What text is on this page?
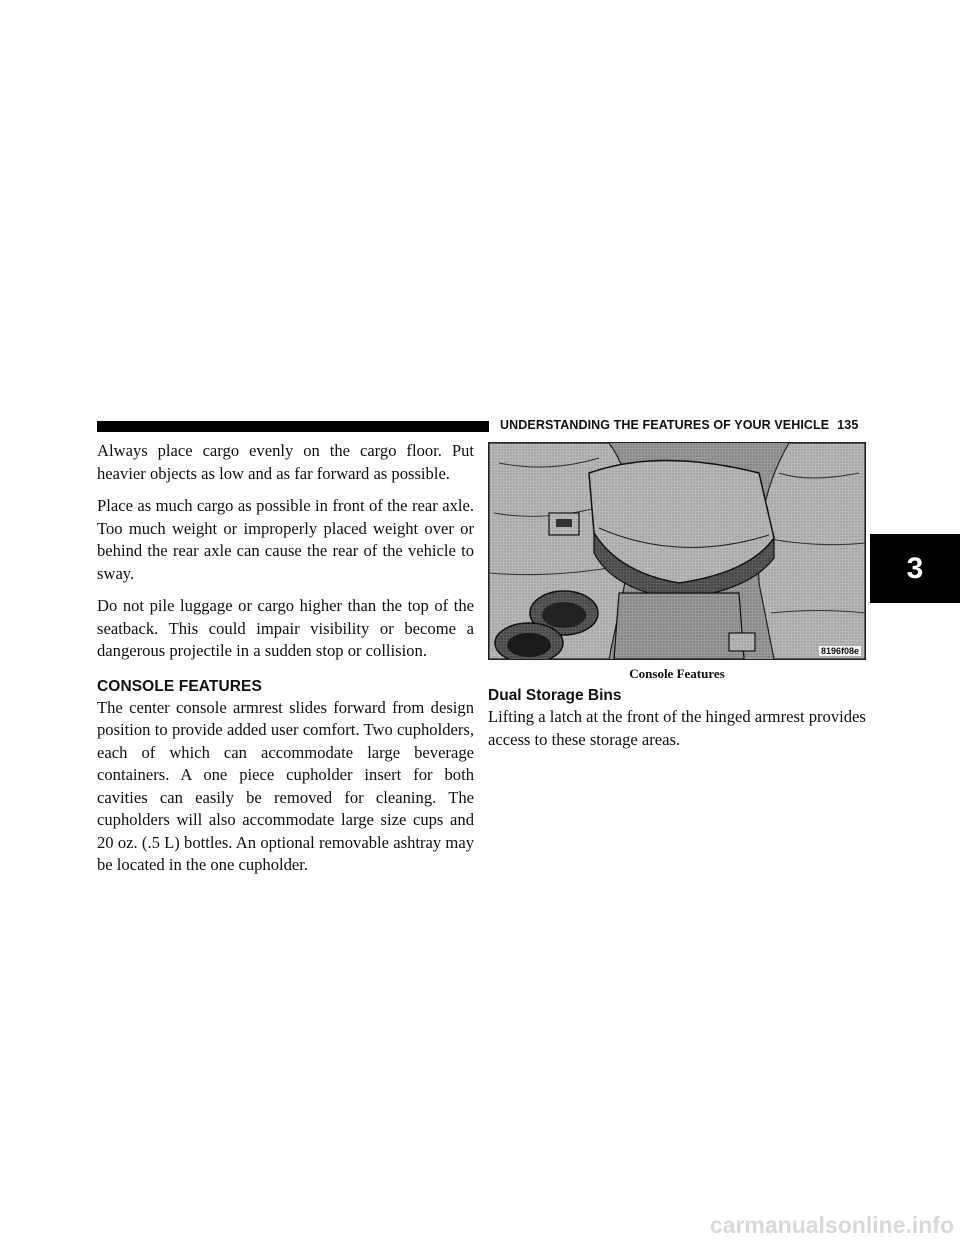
UNDERSTANDING THE FEATURES OF YOUR VEHICLE 135

Always place cargo evenly on the cargo floor. Put heavier objects as low and as far forward as possible.

Place as much cargo as possible in front of the rear axle. Too much weight or improperly placed weight over or behind the rear axle can cause the rear of the vehicle to sway.

Do not pile luggage or cargo higher than the top of the seatback. This could impair visibility or become a dangerous projectile in a sudden stop or collision.

CONSOLE FEATURES

The center console armrest slides forward from design position to provide added user comfort. Two cupholders, each of which can accommodate large beverage containers. A one piece cupholder insert for both cavities can easily be removed for cleaning. The cupholders will also accommodate large size cups and 20 oz. (.5 L) bottles. An optional removable ashtray may be located in the one cupholder.

8196f08e
Console Features
Dual Storage Bins

Lifting a latch at the front of the hinged armrest provides access to these storage areas.

3
carmanualsonline.info
